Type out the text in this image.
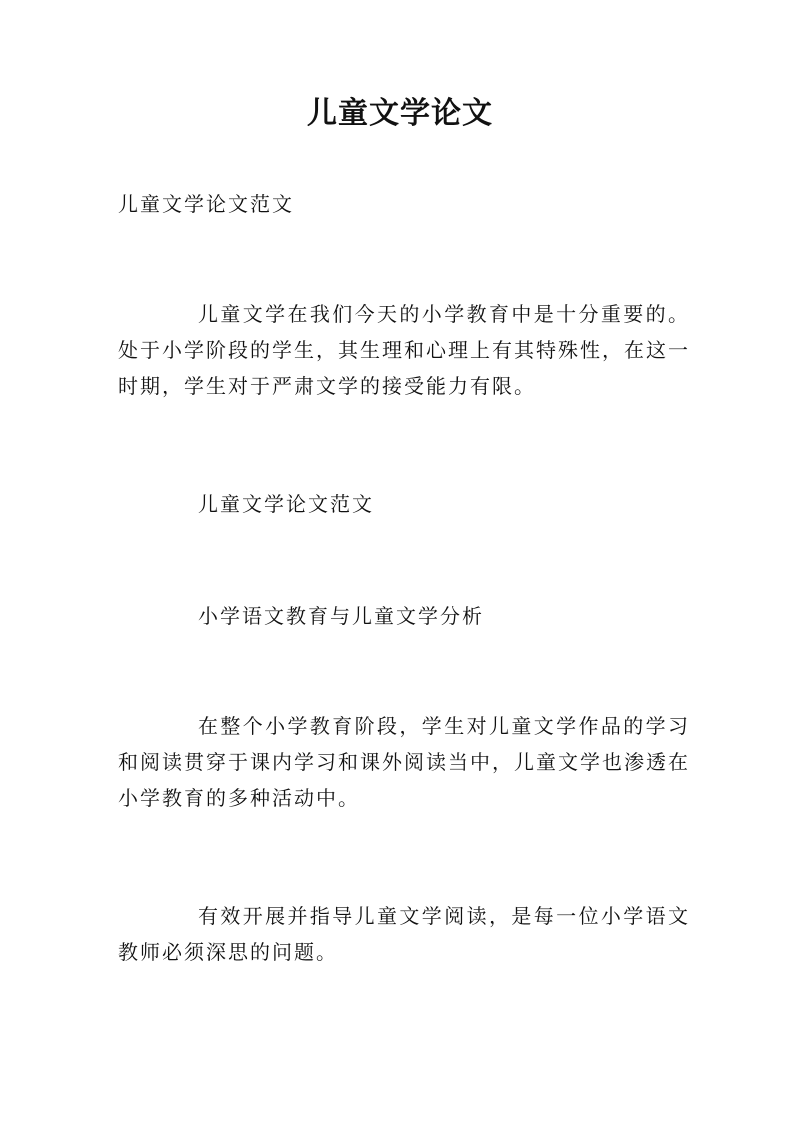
儿童文学论文
儿童文学论文范文

儿童文学在我们今天的小学教育中是十分重要的。处于小学阶段的学生，其生理和心理上有其特殊性，在这一时期，学生对于严肃文学的接受能力有限。

儿童文学论文范文

小学语文教育与儿童文学分析

在整个小学教育阶段，学生对儿童文学作品的学习和阅读贯穿于课内学习和课外阅读当中，儿童文学也渗透在小学教育的多种活动中。

有效开展并指导儿童文学阅读，是每一位小学语文教师必须深思的问题。
